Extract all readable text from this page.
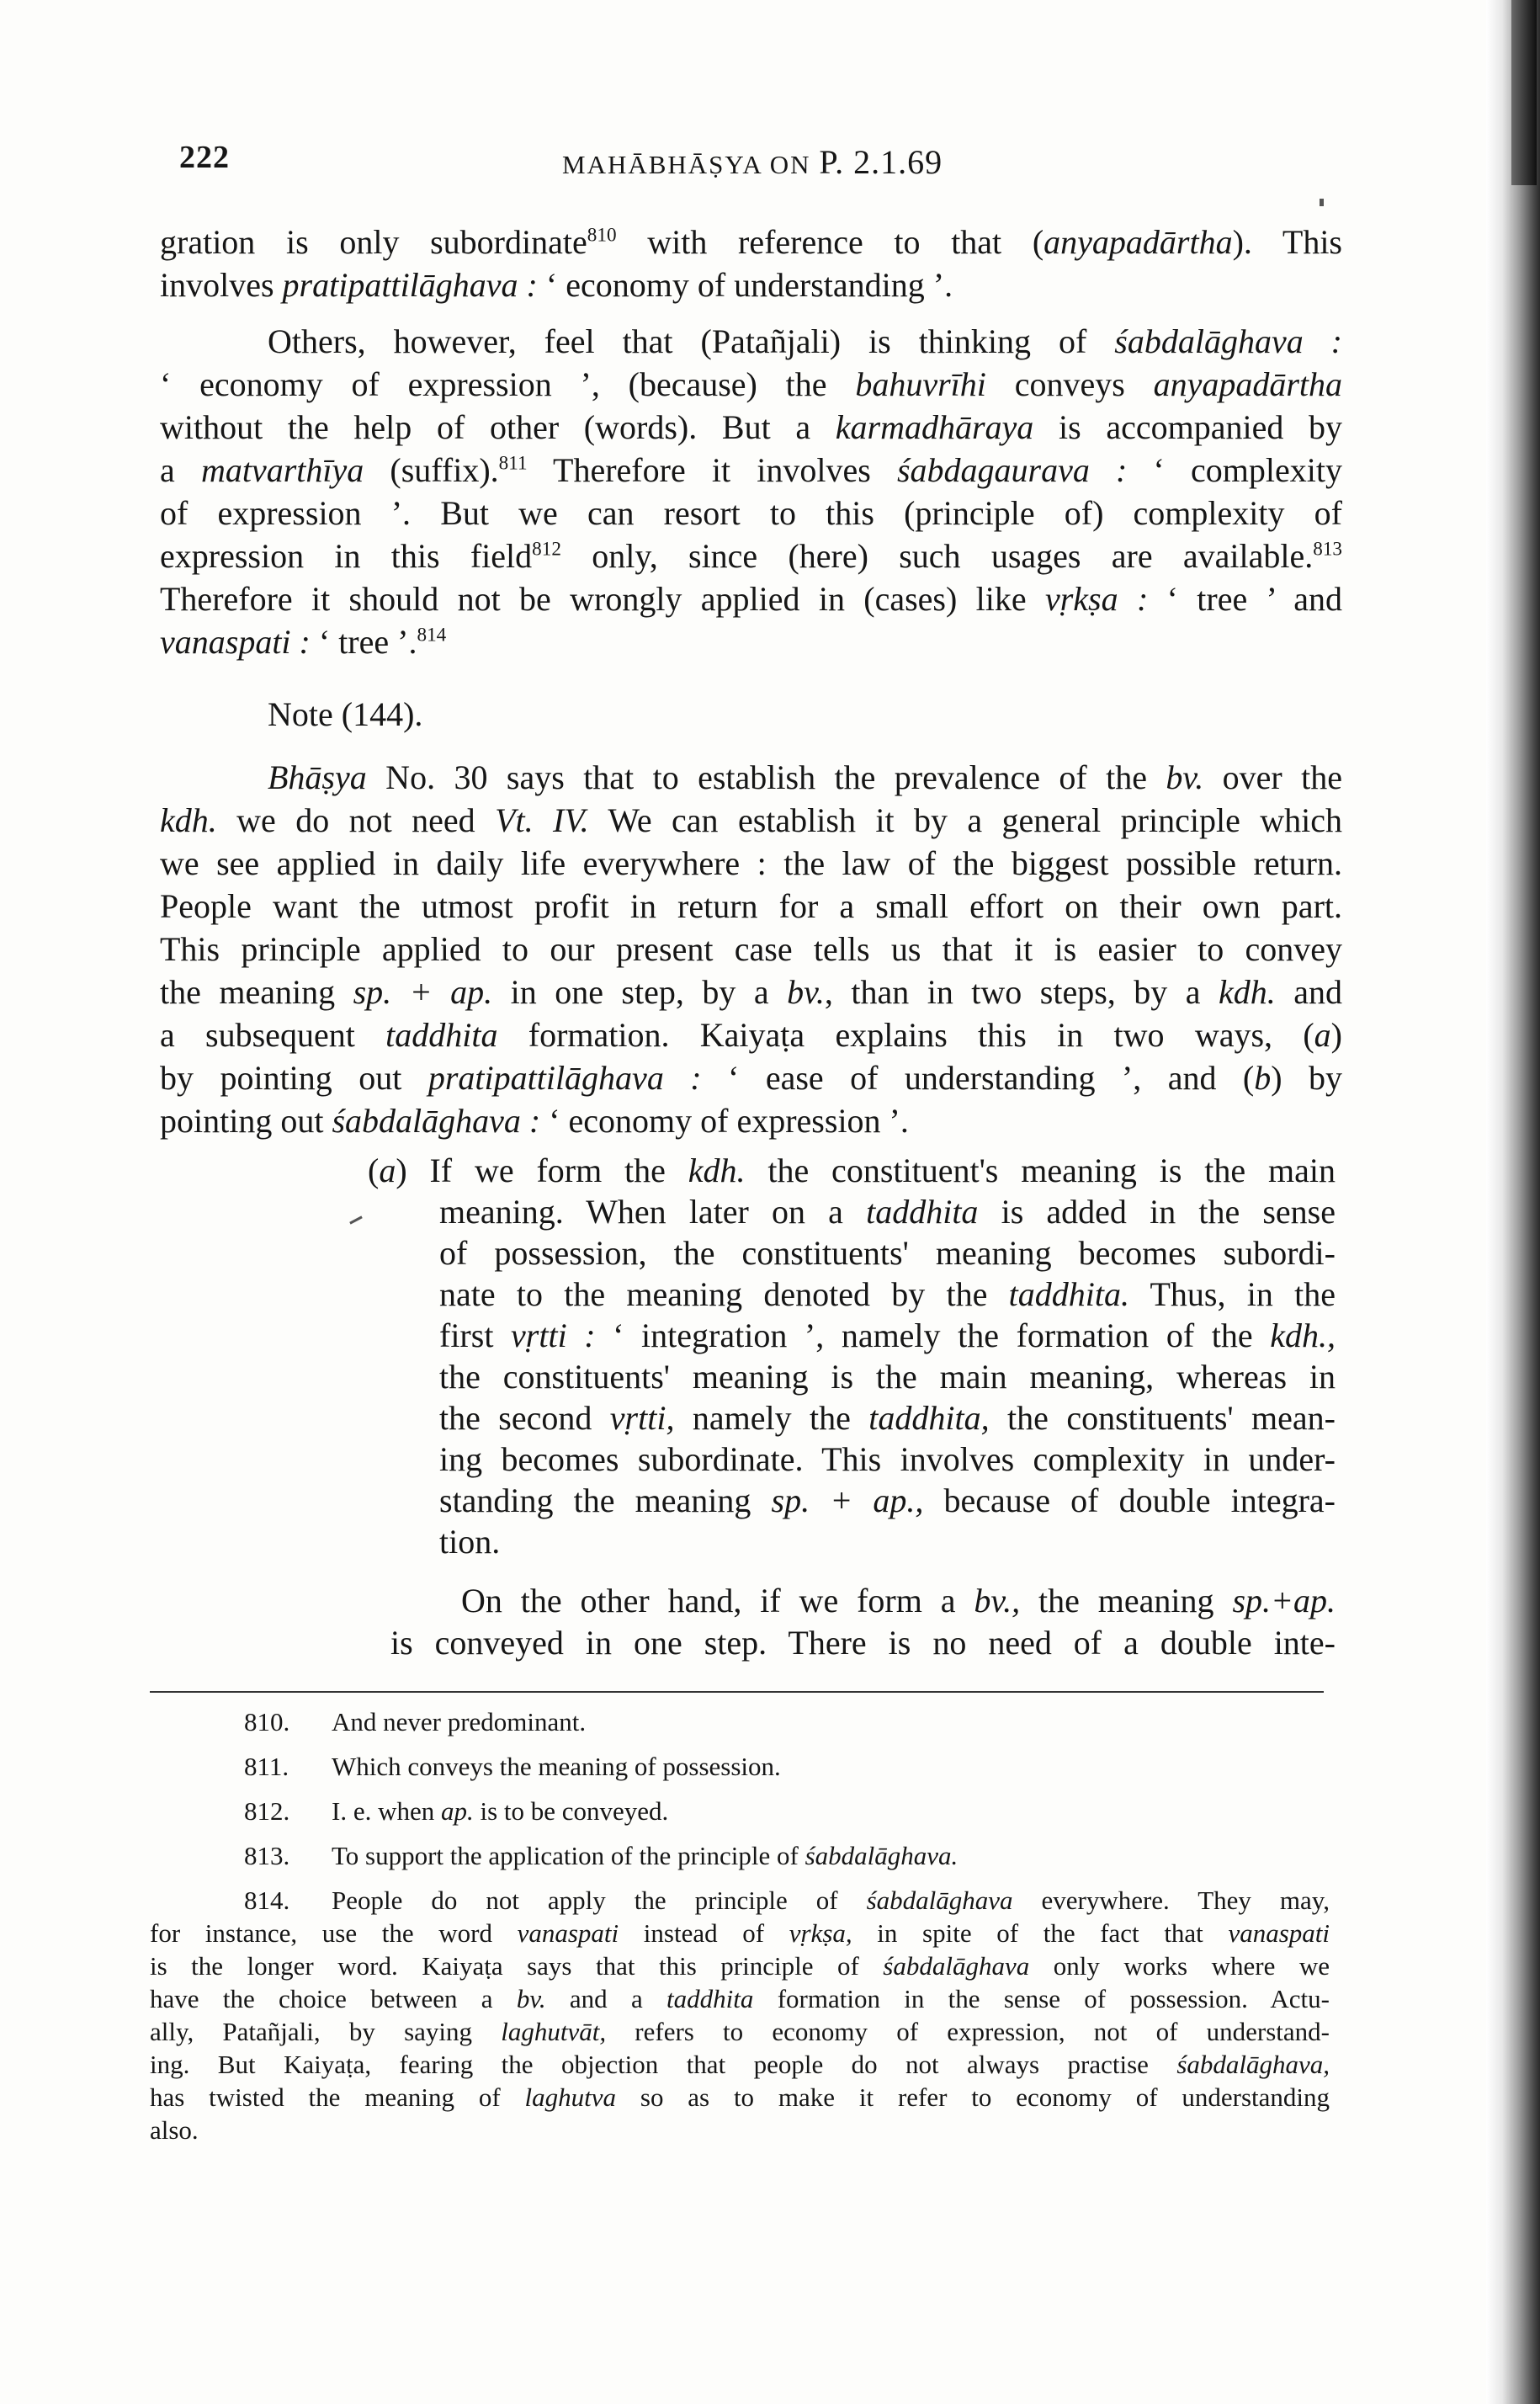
222	MAHĀBHĀṢYA ON P. 2.1.69
gration is only subordinate$^{810}$ with reference to that (anyapadārtha). This
involves pratipattilāghava : ‘ economy of understanding ’.
Others, however, feel that (Patañjali) is thinking of śabdalāghava :
‘ economy of expression ’, (because) the bahuvrīhi conveys anyapadārtha
without the help of other (words). But a karmadhāraya is accompanied by
a matvarthīya (suffix).$^{811}$ Therefore it involves śabdagaurava : ‘ complexity
of expression ’. But we can resort to this (principle of) complexity of
expression in this field$^{812}$ only, since (here) such usages are available.$^{813}$
Therefore it should not be wrongly applied in (cases) like vṛkṣa : ‘ tree ’ and
vanaspati : ‘ tree ’.$^{814}$
Note (144).
Bhāṣya No. 30 says that to establish the prevalence of the bv. over the
kdh. we do not need Vt. IV. We can establish it by a general principle which
we see applied in daily life everywhere : the law of the biggest possible return.
People want the utmost profit in return for a small effort on their own part.
This principle applied to our present case tells us that it is easier to convey
the meaning sp. + ap. in one step, by a bv., than in two steps, by a kdh. and
a subsequent taddhita formation. Kaiyaṭa explains this in two ways, (a)
by pointing out pratipattilāghava : ‘ ease of understanding ’, and (b) by
pointing out śabdalāghava : ‘ economy of expression ’.
(a) If we form the kdh. the constituent's meaning is the main
meaning. When later on a taddhita is added in the sense
of possession, the constituents' meaning becomes subordi-
nate to the meaning denoted by the taddhita. Thus, in the
first vṛtti : ‘ integration ’, namely the formation of the kdh.,
the constituents' meaning is the main meaning, whereas in
the second vṛtti, namely the taddhita, the constituents' mean-
ing becomes subordinate. This involves complexity in under-
standing the meaning sp. + ap., because of double integra-
tion.
On the other hand, if we form a bv., the meaning sp.+ap.
is conveyed in one step. There is no need of a double inte-
810. And never predominant.
811. Which conveys the meaning of possession.
812. I. e. when ap. is to be conveyed.
813. To support the application of the principle of śabdalāghava.
814. People do not apply the principle of śabdalāghava everywhere. They may,
for instance, use the word vanaspati instead of vṛkṣa, in spite of the fact that vanaspati
is the longer word. Kaiyaṭa says that this principle of śabdalāghava only works where we
have the choice between a bv. and a taddhita formation in the sense of possession. Actu-
ally, Patañjali, by saying laghutvāt, refers to economy of expression, not of understand-
ing. But Kaiyaṭa, fearing the objection that people do not always practise śabdalāghava,
has twisted the meaning of laghutva so as to make it refer to economy of understanding
also.
